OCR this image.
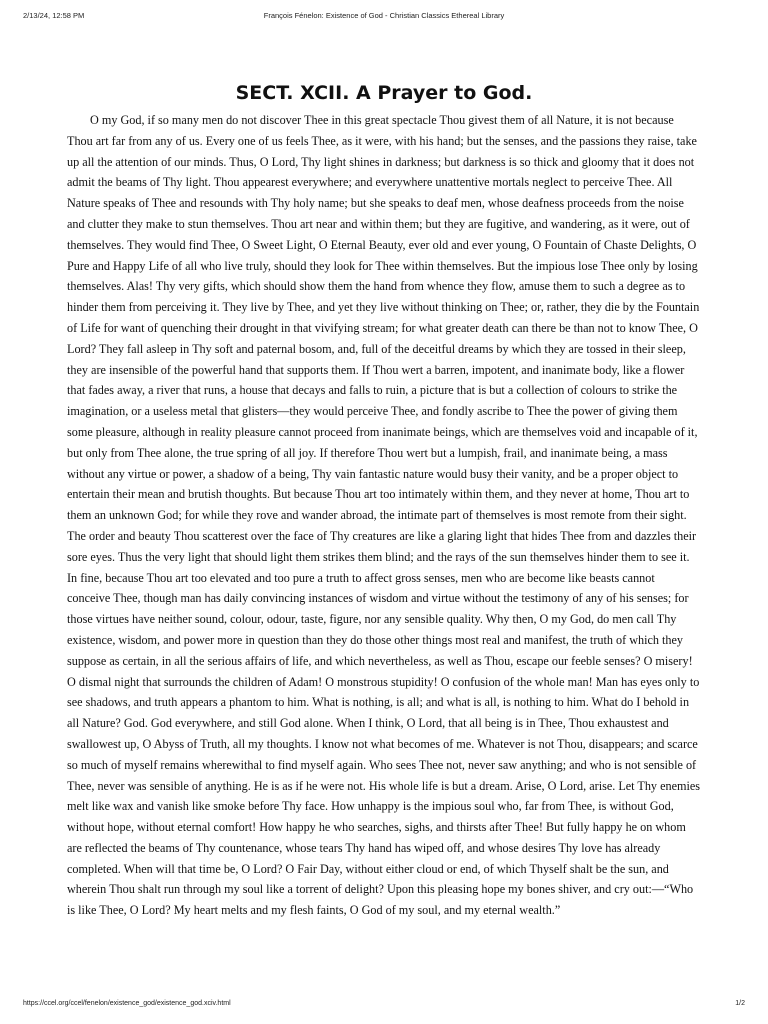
2/13/24, 12:58 PM	François Fénelon: Existence of God - Christian Classics Ethereal Library
SECT. XCII. A Prayer to God.

O my God, if so many men do not discover Thee in this great spectacle Thou givest them of all Nature, it is not because Thou art far from any of us. Every one of us feels Thee, as it were, with his hand; but the senses, and the passions they raise, take up all the attention of our minds. Thus, O Lord, Thy light shines in darkness; but darkness is so thick and gloomy that it does not admit the beams of Thy light. Thou appearest everywhere; and everywhere unattentive mortals neglect to perceive Thee. All Nature speaks of Thee and resounds with Thy holy name; but she speaks to deaf men, whose deafness proceeds from the noise and clutter they make to stun themselves. Thou art near and within them; but they are fugitive, and wandering, as it were, out of themselves. They would find Thee, O Sweet Light, O Eternal Beauty, ever old and ever young, O Fountain of Chaste Delights, O Pure and Happy Life of all who live truly, should they look for Thee within themselves. But the impious lose Thee only by losing themselves. Alas! Thy very gifts, which should show them the hand from whence they flow, amuse them to such a degree as to hinder them from perceiving it. They live by Thee, and yet they live without thinking on Thee; or, rather, they die by the Fountain of Life for want of quenching their drought in that vivifying stream; for what greater death can there be than not to know Thee, O Lord? They fall asleep in Thy soft and paternal bosom, and, full of the deceitful dreams by which they are tossed in their sleep, they are insensible of the powerful hand that supports them. If Thou wert a barren, impotent, and inanimate body, like a flower that fades away, a river that runs, a house that decays and falls to ruin, a picture that is but a collection of colours to strike the imagination, or a useless metal that glisters—they would perceive Thee, and fondly ascribe to Thee the power of giving them some pleasure, although in reality pleasure cannot proceed from inanimate beings, which are themselves void and incapable of it, but only from Thee alone, the true spring of all joy. If therefore Thou wert but a lumpish, frail, and inanimate being, a mass without any virtue or power, a shadow of a being, Thy vain fantastic nature would busy their vanity, and be a proper object to entertain their mean and brutish thoughts. But because Thou art too intimately within them, and they never at home, Thou art to them an unknown God; for while they rove and wander abroad, the intimate part of themselves is most remote from their sight. The order and beauty Thou scatterest over the face of Thy creatures are like a glaring light that hides Thee from and dazzles their sore eyes. Thus the very light that should light them strikes them blind; and the rays of the sun themselves hinder them to see it. In fine, because Thou art too elevated and too pure a truth to affect gross senses, men who are become like beasts cannot conceive Thee, though man has daily convincing instances of wisdom and virtue without the testimony of any of his senses; for those virtues have neither sound, colour, odour, taste, figure, nor any sensible quality. Why then, O my God, do men call Thy existence, wisdom, and power more in question than they do those other things most real and manifest, the truth of which they suppose as certain, in all the serious affairs of life, and which nevertheless, as well as Thou, escape our feeble senses? O misery! O dismal night that surrounds the children of Adam! O monstrous stupidity! O confusion of the whole man! Man has eyes only to see shadows, and truth appears a phantom to him. What is nothing, is all; and what is all, is nothing to him. What do I behold in all Nature? God. God everywhere, and still God alone. When I think, O Lord, that all being is in Thee, Thou exhaustest and swallowest up, O Abyss of Truth, all my thoughts. I know not what becomes of me. Whatever is not Thou, disappears; and scarce so much of myself remains wherewithal to find myself again. Who sees Thee not, never saw anything; and who is not sensible of Thee, never was sensible of anything. He is as if he were not. His whole life is but a dream. Arise, O Lord, arise. Let Thy enemies melt like wax and vanish like smoke before Thy face. How unhappy is the impious soul who, far from Thee, is without God, without hope, without eternal comfort! How happy he who searches, sighs, and thirsts after Thee! But fully happy he on whom are reflected the beams of Thy countenance, whose tears Thy hand has wiped off, and whose desires Thy love has already completed. When will that time be, O Lord? O Fair Day, without either cloud or end, of which Thyself shalt be the sun, and wherein Thou shalt run through my soul like a torrent of delight? Upon this pleasing hope my bones shiver, and cry out:—“Who is like Thee, O Lord? My heart melts and my flesh faints, O God of my soul, and my eternal wealth.”

https://ccel.org/ccel/fenelon/existence_god/existence_god.xciv.html	1/2
